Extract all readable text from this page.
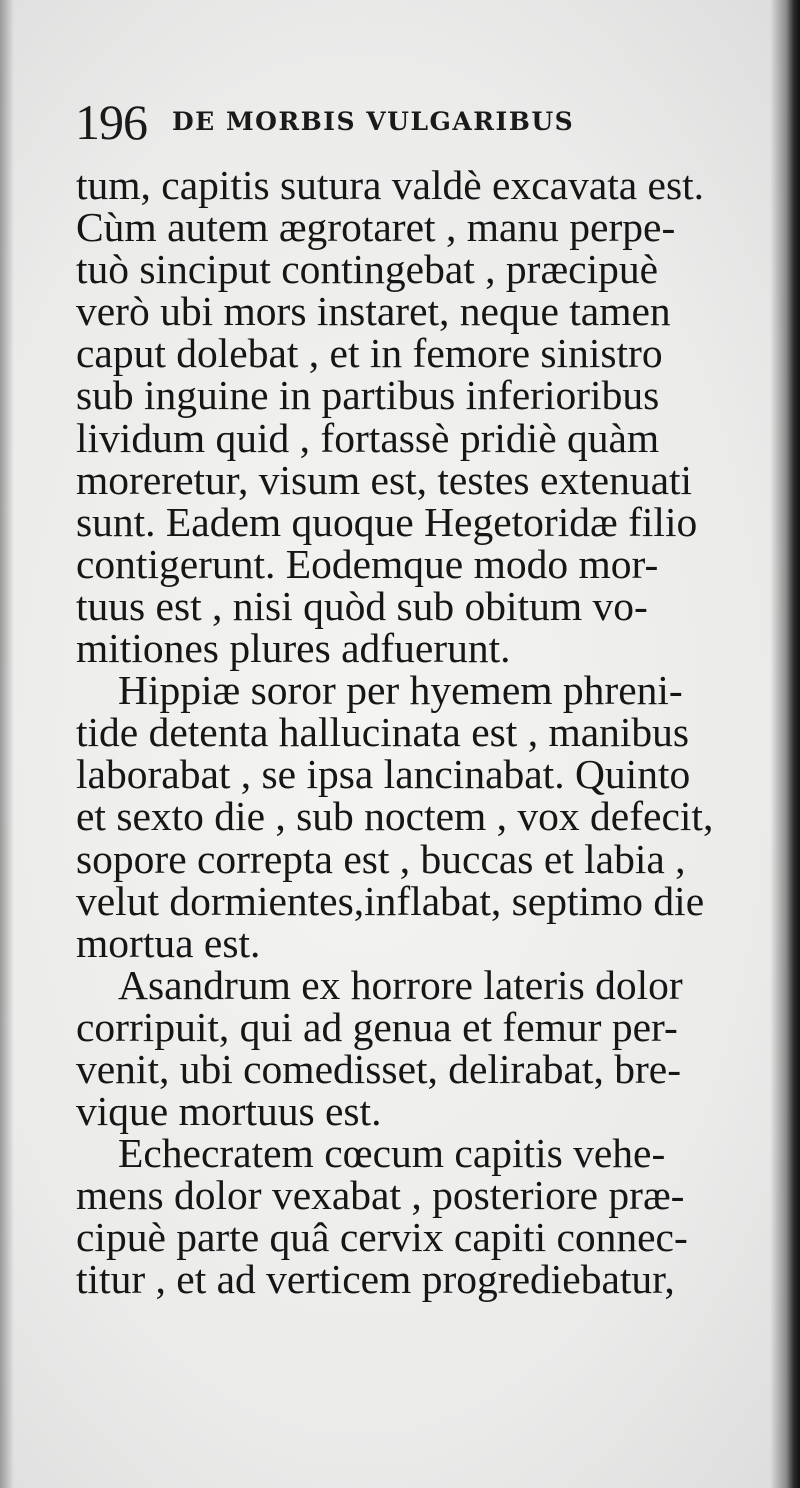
196 DE MORBIS VULGARIBUS
tum, capitis sutura valdè excavata est.
Cùm autem ægrotaret , manu perpe-
tuò sinciput contingebat , præcipuè
verò ubi mors instaret, neque tamen
caput dolebat , et in femore sinistro
sub inguine in partibus inferioribus
lividum quid , fortassè pridiè quàm
moreretur, visum est, testes extenuati
sunt. Eadem quoque Hegetoridæ filio
contigerunt. Eodemque modo mor-
tuus est , nisi quòd sub obitum vo-
mitiones plures adfuerunt.
Hippiæ soror per hyemem phreni-
tide detenta hallucinata est , manibus
laborabat , se ipsa lancinabat. Quinto
et sexto die , sub noctem , vox defecit,
sopore correpta est , buccas et labia ,
velut dormientes,inflabat, septimo die
mortua est.
Asandrum ex horrore lateris dolor
corripuit, qui ad genua et femur per-
venit, ubi comedisset, delirabat, bre-
vique mortuus est.
Echecratem cœcum capitis vehe-
mens dolor vexabat , posteriore præ-
cipuè parte quâ cervix capiti connec-
titur , et ad verticem progrediebatur,
